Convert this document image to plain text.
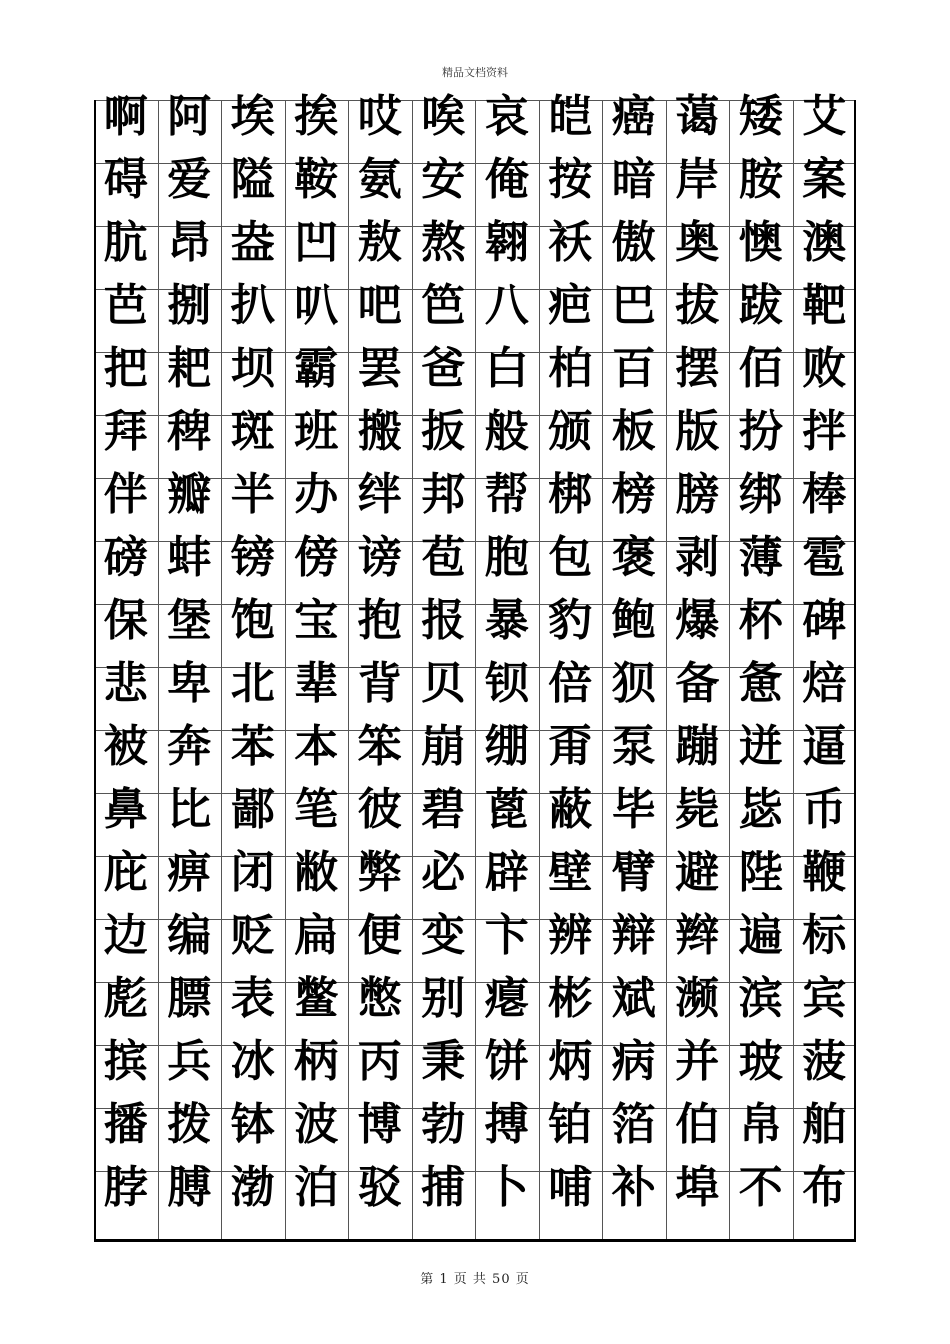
精品文档资料
啊 阿 埃 挨 哎 唉 哀 皑 癌 蔼 矮 艾
碍 爱 隘 鞍 氨 安 俺 按 暗 岸 胺 案
肮 昂 盎 凹 敖 熬 翱 袄 傲 奥 懊 澳
芭 捌 扒 叭 吧 笆 八 疤 巴 拔 跋 靶
把 耙 坝 霸 罢 爸 白 柏 百 摆 佰 败
拜 稗 斑 班 搬 扳 般 颁 板 版 扮 拌
伴 瓣 半 办 绊 邦 帮 梆 榜 膀 绑 棒
磅 蚌 镑 傍 谤 苞 胞 包 褒 剥 薄 雹
保 堡 饱 宝 抱 报 暴 豹 鲍 爆 杯 碑
悲 卑 北 辈 背 贝 钡 倍 狈 备 惫 焙
被 奔 苯 本 笨 崩 绷 甭 泵 蹦 迸 逼
鼻 比 鄙 笔 彼 碧 蓖 蔽 毕 毙 毖 币
庇 痹 闭 敝 弊 必 辟 壁 臂 避 陛 鞭
边 编 贬 扁 便 变 卞 辨 辩 辫 遍 标
彪 膘 表 鳖 憋 别 瘪 彬 斌 濒 滨 宾
摈 兵 冰 柄 丙 秉 饼 炳 病 并 玻 菠
播 拨 钵 波 博 勃 搏 铂 箔 伯 帛 舶
脖 膊 渤 泊 驳 捕 卜 哺 补 埠 不 布
第 1 页 共 50 页
